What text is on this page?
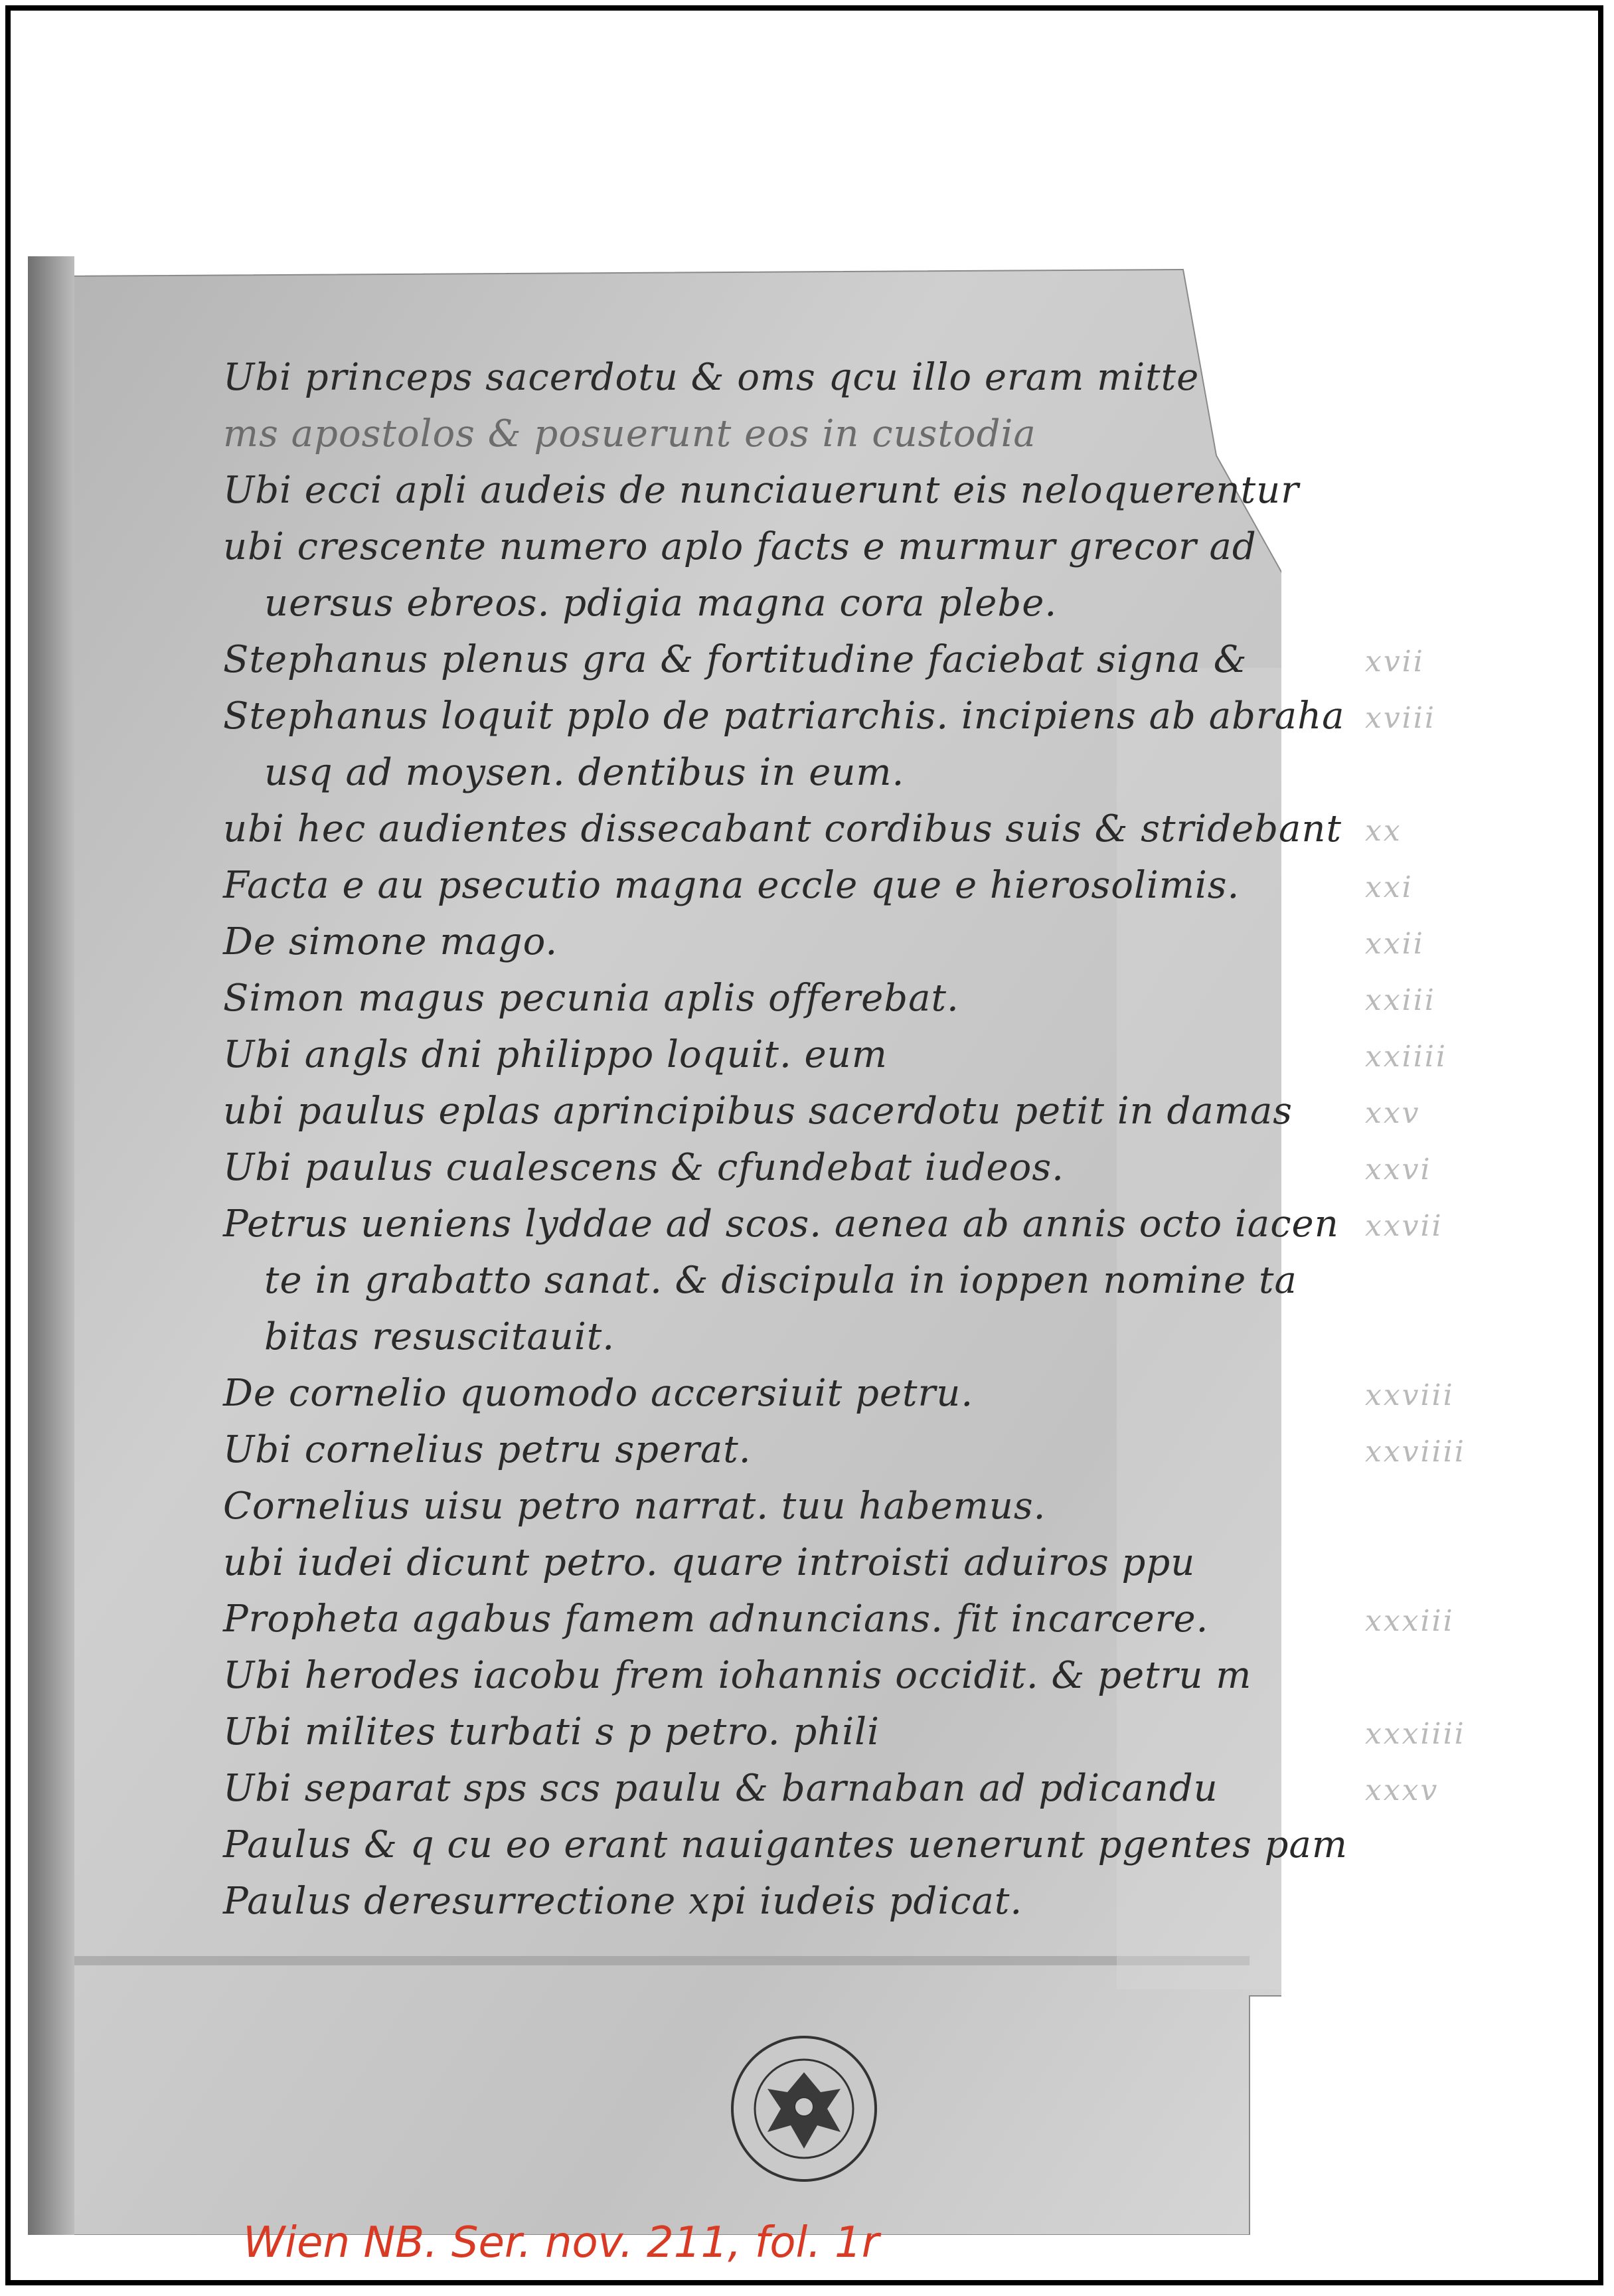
Ubi princeps sacerdotu & oms qcu illo eram mitte
ms apostolos & posuerunt eos in custodia
Ubi ecci apli audeis de nunciauerunt eis neloquerentur
ubi crescente numero aplo facts e murmur grecor ad
uersus ebreos. pdigia magna cora plebe.
Stephanus plenus gra & fortitudine faciebat signa &
Stephanus loquit pplo de patriarchis. incipiens ab abraha
usq ad moysen. dentibus in eum.
ubi hec audientes dissecabant cordibus suis & stridebant
Facta e au psecutio magna eccle que e hierosolimis.
De simone mago.
Simon magus pecunia aplis offerebat.
Ubi angls dni philippo loquit. eum
ubi paulus eplas aprincipibus sacerdotu petit in damas
Ubi paulus cualescens & cfundebat iudeos.
Petrus ueniens lyddae ad scos. aenea ab annis octo iacen
te in grabatto sanat. & discipula in ioppen nomine ta
bitas resuscitauit.
De cornelio quomodo accersiuit petru.
Ubi cornelius petru sperat.
Cornelius uisu petro narrat. tuu habemus.
ubi iudei dicunt petro. quare introisti aduiros ppu
Propheta agabus famem adnuncians. fit incarcere.
Ubi herodes iacobu frem iohannis occidit. & petru m
Ubi milites turbati s p petro. phili
Ubi separat sps scs paulu & barnaban ad pdicandu
Paulus & q cu eo erant nauigantes uenerunt pgentes pam
Paulus deresurrectione xpi iudeis pdicat.
xvii
xviii
xx
xxi
xxii
xxiii
xxiiii
xxv
xxvi
xxvii
xxviii
xxviiii
xxxiii
xxxiiii
xxxv
Wien NB. Ser. nov. 211, fol. 1r
